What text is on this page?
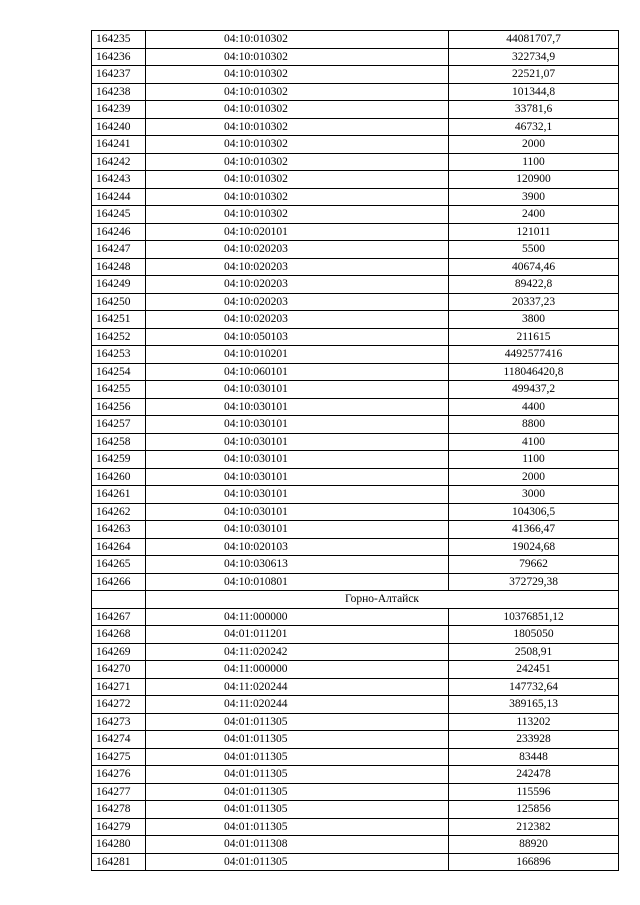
164235	04:10:010302	44081707,7
164236	04:10:010302	322734,9
164237	04:10:010302	22521,07
164238	04:10:010302	101344,8
164239	04:10:010302	33781,6
164240	04:10:010302	46732,1
164241	04:10:010302	2000
164242	04:10:010302	1100
164243	04:10:010302	120900
164244	04:10:010302	3900
164245	04:10:010302	2400
164246	04:10:020101	121011
164247	04:10:020203	5500
164248	04:10:020203	40674,46
164249	04:10:020203	89422,8
164250	04:10:020203	20337,23
164251	04:10:020203	3800
164252	04:10:050103	211615
164253	04:10:010201	4492577416
164254	04:10:060101	118046420,8
164255	04:10:030101	499437,2
164256	04:10:030101	4400
164257	04:10:030101	8800
164258	04:10:030101	4100
164259	04:10:030101	1100
164260	04:10:030101	2000
164261	04:10:030101	3000
164262	04:10:030101	104306,5
164263	04:10:030101	41366,47
164264	04:10:020103	19024,68
164265	04:10:030613	79662
164266	04:10:010801	372729,38
	Горно-Алтайск	
164267	04:11:000000	10376851,12
164268	04:01:011201	1805050
164269	04:11:020242	2508,91
164270	04:11:000000	242451
164271	04:11:020244	147732,64
164272	04:11:020244	389165,13
164273	04:01:011305	113202
164274	04:01:011305	233928
164275	04:01:011305	83448
164276	04:01:011305	242478
164277	04:01:011305	115596
164278	04:01:011305	125856
164279	04:01:011305	212382
164280	04:01:011308	88920
164281	04:01:011305	166896
